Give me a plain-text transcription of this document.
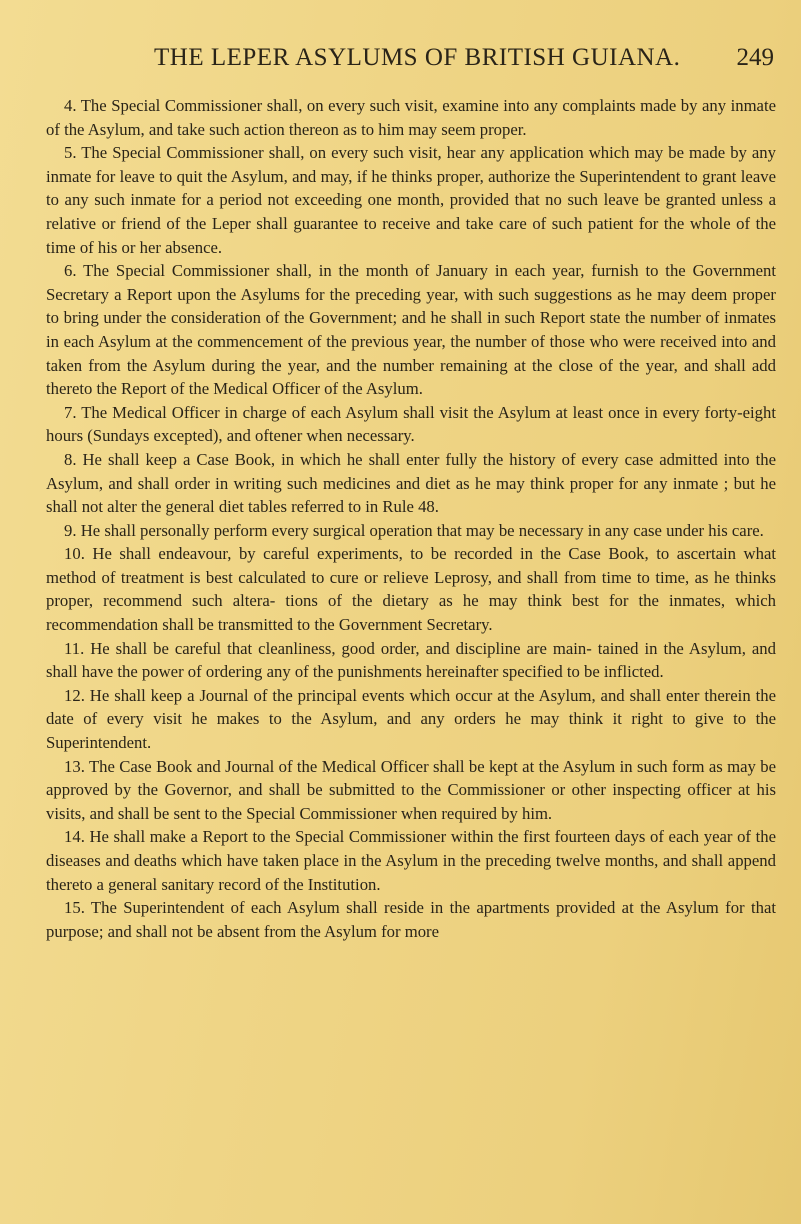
THE LEPER ASYLUMS OF BRITISH GUIANA. 249

4. The Special Commissioner shall, on every such visit, examine into any complaints made by any inmate of the Asylum, and take such action thereon as to him may seem proper.

5. The Special Commissioner shall, on every such visit, hear any application which may be made by any inmate for leave to quit the Asylum, and may, if he thinks proper, authorize the Superintendent to grant leave to any such inmate for a period not exceeding one month, provided that no such leave be granted unless a relative or friend of the Leper shall guarantee to receive and take care of such patient for the whole of the time of his or her absence.

6. The Special Commissioner shall, in the month of January in each year, furnish to the Government Secretary a Report upon the Asylums for the preceding year, with such suggestions as he may deem proper to bring under the consideration of the Government; and he shall in such Report state the number of inmates in each Asylum at the commencement of the previous year, the number of those who were received into and taken from the Asylum during the year, and the number remaining at the close of the year, and shall add thereto the Report of the Medical Officer of the Asylum.

7. The Medical Officer in charge of each Asylum shall visit the Asylum at least once in every forty-eight hours (Sundays excepted), and oftener when necessary.

8. He shall keep a Case Book, in which he shall enter fully the history of every case admitted into the Asylum, and shall order in writing such medicines and diet as he may think proper for any inmate ; but he shall not alter the general diet tables referred to in Rule 48.

9. He shall personally perform every surgical operation that may be necessary in any case under his care.

10. He shall endeavour, by careful experiments, to be recorded in the Case Book, to ascertain what method of treatment is best calculated to cure or relieve Leprosy, and shall from time to time, as he thinks proper, recommend such altera- tions of the dietary as he may think best for the inmates, which recommendation shall be transmitted to the Government Secretary.

11. He shall be careful that cleanliness, good order, and discipline are main- tained in the Asylum, and shall have the power of ordering any of the punishments hereinafter specified to be inflicted.

12. He shall keep a Journal of the principal events which occur at the Asylum, and shall enter therein the date of every visit he makes to the Asylum, and any orders he may think it right to give to the Superintendent.

13. The Case Book and Journal of the Medical Officer shall be kept at the Asylum in such form as may be approved by the Governor, and shall be submitted to the Commissioner or other inspecting officer at his visits, and shall be sent to the Special Commissioner when required by him.

14. He shall make a Report to the Special Commissioner within the first fourteen days of each year of the diseases and deaths which have taken place in the Asylum in the preceding twelve months, and shall append thereto a general sanitary record of the Institution.

15. The Superintendent of each Asylum shall reside in the apartments provided at the Asylum for that purpose; and shall not be absent from the Asylum for more
